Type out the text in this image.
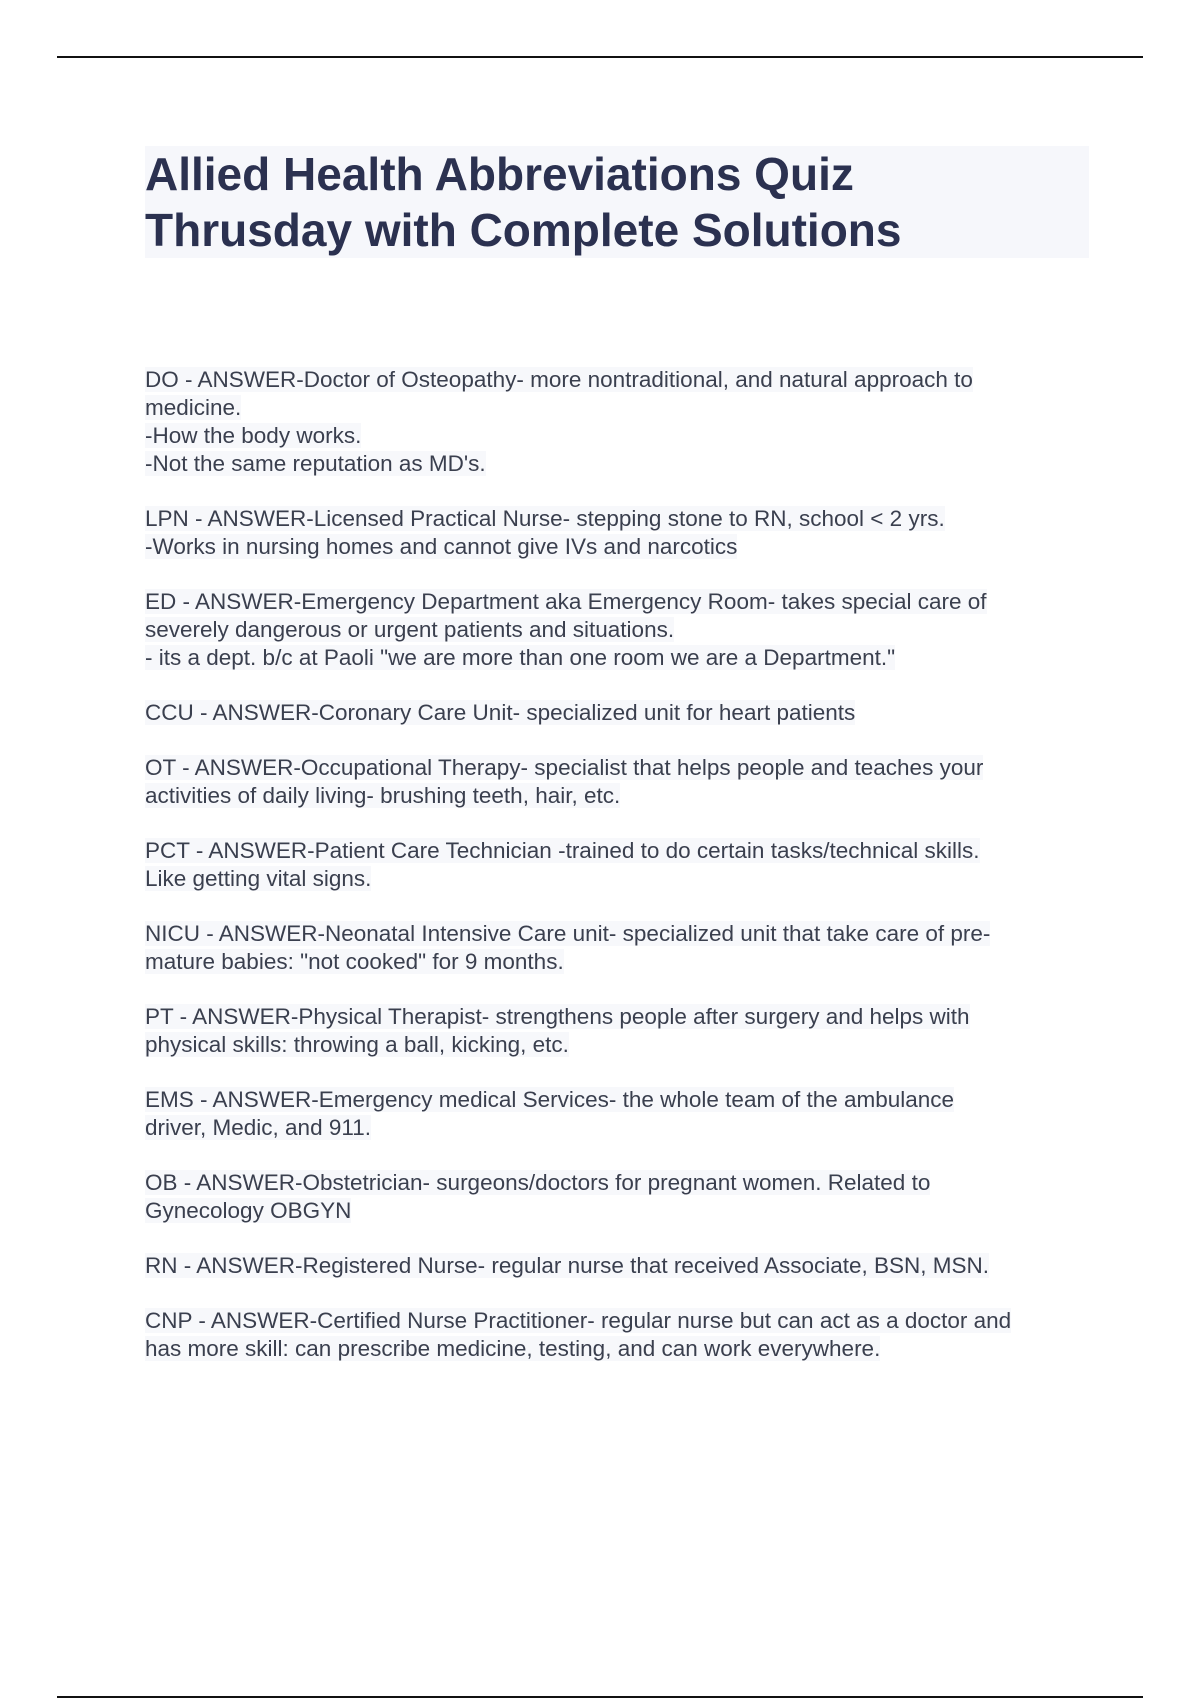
Allied Health Abbreviations Quiz
Thrusday with Complete Solutions

DO - ANSWER-Doctor of Osteopathy- more nontraditional, and natural approach to
medicine.
-How the body works.
-Not the same reputation as MD's.

LPN - ANSWER-Licensed Practical Nurse- stepping stone to RN, school < 2 yrs.
-Works in nursing homes and cannot give IVs and narcotics

ED - ANSWER-Emergency Department aka Emergency Room- takes special care of
severely dangerous or urgent patients and situations.
- its a dept. b/c at Paoli "we are more than one room we are a Department."

CCU - ANSWER-Coronary Care Unit- specialized unit for heart patients

OT - ANSWER-Occupational Therapy- specialist that helps people and teaches your
activities of daily living- brushing teeth, hair, etc.

PCT - ANSWER-Patient Care Technician -trained to do certain tasks/technical skills.
Like getting vital signs.

NICU - ANSWER-Neonatal Intensive Care unit- specialized unit that take care of pre-
mature babies: "not cooked" for 9 months.

PT - ANSWER-Physical Therapist- strengthens people after surgery and helps with
physical skills: throwing a ball, kicking, etc.

EMS - ANSWER-Emergency medical Services- the whole team of the ambulance
driver, Medic, and 911.

OB - ANSWER-Obstetrician- surgeons/doctors for pregnant women. Related to
Gynecology OBGYN

RN - ANSWER-Registered Nurse- regular nurse that received Associate, BSN, MSN.

CNP - ANSWER-Certified Nurse Practitioner- regular nurse but can act as a doctor and
has more skill: can prescribe medicine, testing, and can work everywhere.
